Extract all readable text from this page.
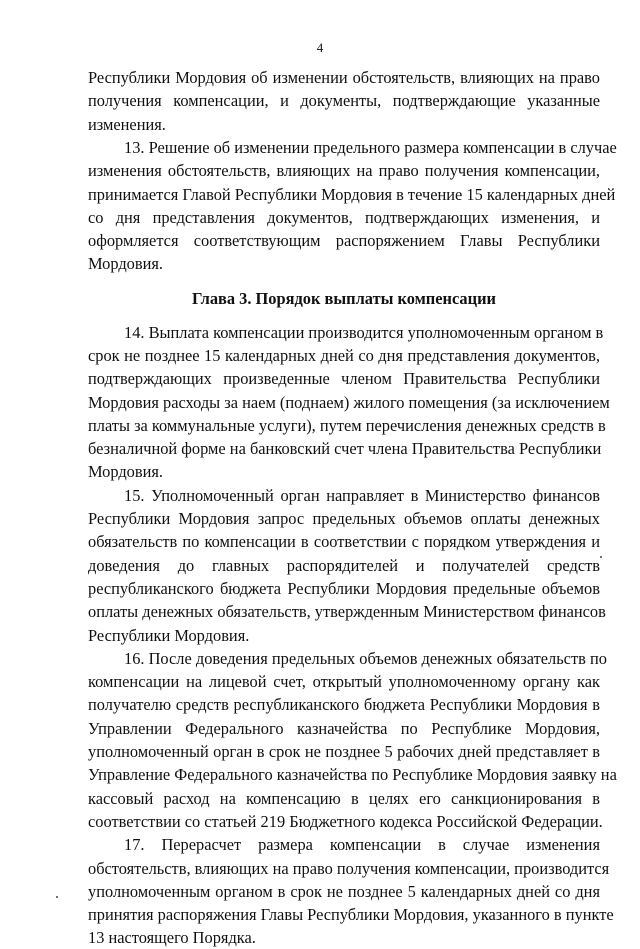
4
Республики Мордовия об изменении обстоятельств, влияющих на право
получения компенсации, и документы, подтверждающие указанные
изменения.
13. Решение об изменении предельного размера компенсации в случае
изменения обстоятельств, влияющих на право получения компенсации,
принимается Главой Республики Мордовия в течение 15 календарных дней
со дня представления документов, подтверждающих изменения, и
оформляется соответствующим распоряжением Главы Республики
Мордовия.
Глава 3. Порядок выплаты компенсации
14. Выплата компенсации производится уполномоченным органом в
срок не позднее 15 календарных дней со дня представления документов,
подтверждающих произведенные членом Правительства Республики
Мордовия расходы за наем (поднаем) жилого помещения (за исключением
платы за коммунальные услуги), путем перечисления денежных средств в
безналичной форме на банковский счет члена Правительства Республики
Мордовия.
15. Уполномоченный орган направляет в Министерство финансов
Республики Мордовия запрос предельных объемов оплаты денежных
обязательств по компенсации в соответствии с порядком утверждения и
доведения до главных распорядителей и получателей средств
республиканского бюджета Республики Мордовия предельные объемов
оплаты денежных обязательств, утвержденным Министерством финансов
Республики Мордовия.
16. После доведения предельных объемов денежных обязательств по
компенсации на лицевой счет, открытый уполномоченному органу как
получателю средств республиканского бюджета Республики Мордовия в
Управлении Федерального казначейства по Республике Мордовия,
уполномоченный орган в срок не позднее 5 рабочих дней представляет в
Управление Федерального казначейства по Республике Мордовия заявку на
кассовый расход на компенсацию в целях его санкционирования в
соответствии со статьей 219 Бюджетного кодекса Российской Федерации.
17. Перерасчет размера компенсации в случае изменения
обстоятельств, влияющих на право получения компенсации, производится
уполномоченным органом в срок не позднее 5 календарных дней со дня
принятия распоряжения Главы Республики Мордовия, указанного в пункте
13 настоящего Порядка.
